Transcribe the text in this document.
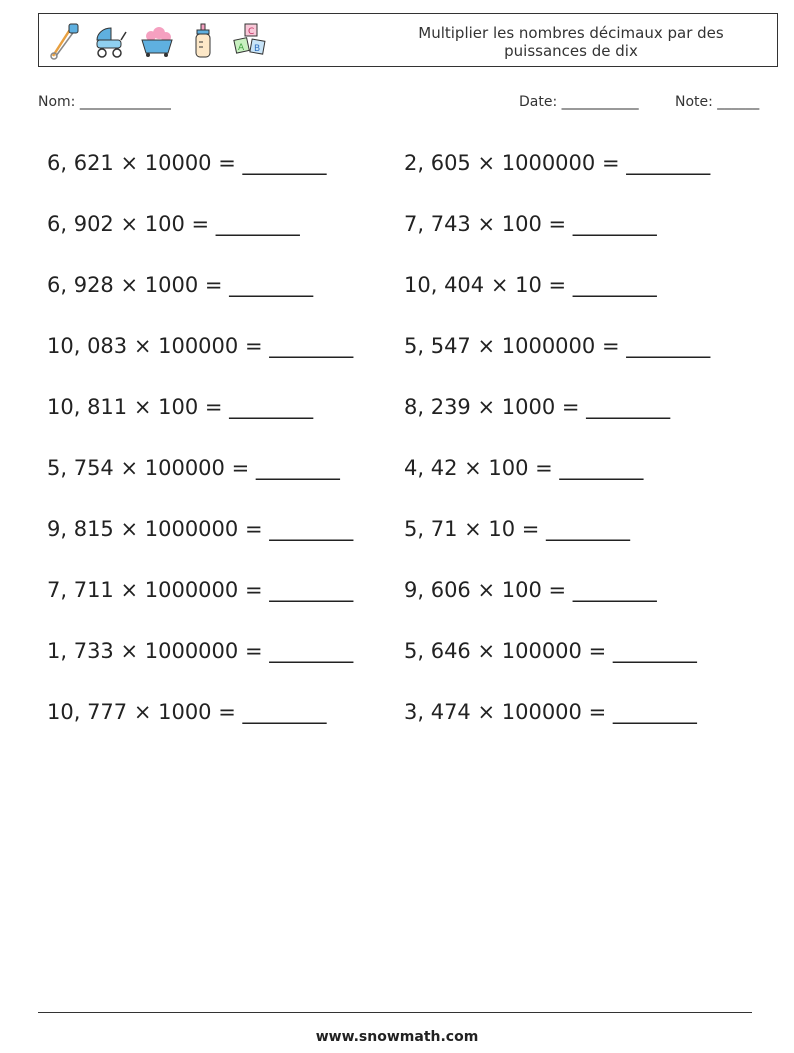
C
A B
Multiplier les nombres décimaux par des puissances de dix
Nom: _____________	Date: ___________	Note: ______
6, 621 × 10000 = ________
6, 902 × 100 = ________
6, 928 × 1000 = ________
10, 083 × 100000 = ________
10, 811 × 100 = ________
5, 754 × 100000 = ________
9, 815 × 1000000 = ________
7, 711 × 1000000 = ________
1, 733 × 1000000 = ________
10, 777 × 1000 = ________
2, 605 × 1000000 = ________
7, 743 × 100 = ________
10, 404 × 10 = ________
5, 547 × 1000000 = ________
8, 239 × 1000 = ________
4, 42 × 100 = ________
5, 71 × 10 = ________
9, 606 × 100 = ________
5, 646 × 100000 = ________
3, 474 × 100000 = ________
www.snowmath.com
